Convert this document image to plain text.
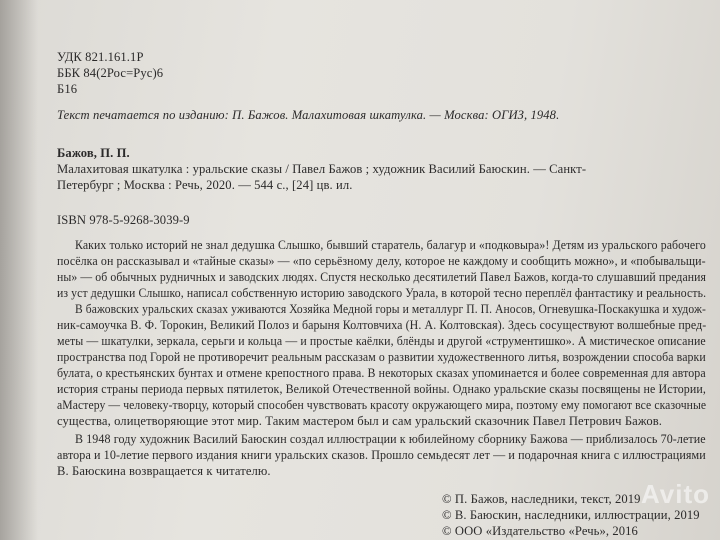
УДК 821.161.1Р
ББК 84(2Рос=Рус)6
Б16
Текст печатается по изданию: П. Бажов. Малахитовая шкатулка. — Москва: ОГИЗ, 1948.
Бажов, П. П.
Малахитовая шкатулка : уральские сказы / Павел Бажов ; художник Василий Баюскин. — Санкт-
Петербург ; Москва : Речь, 2020. — 544 с., [24] цв. ил.
ISBN 978-5-9268-3039-9
Каких только историй не знал дедушка Слышко, бывший старатель, балагур и «подковыра»! Детям из уральского рабочего
посёлка он рассказывал и «тайные сказы» — «по серьёзному делу, которое не каждому и сообщить можно», и «побывальщи-
ны» — об обычных рудничных и заводских людях. Спустя несколько десятилетий Павел Бажов, когда-то слушавший предания
из уст дедушки Слышко, написал собственную историю заводского Урала, в которой тесно переплёл фантастику и реальность.
В бажовских уральских сказах уживаются Хозяйка Медной горы и металлург П. П. Аносов, Огневушка-Поскакушка и худож-
ник-самоучка В. Ф. Торокин, Великий Полоз и барыня Колтовчиха (Н. А. Колтовская). Здесь сосуществуют волшебные пред-
меты — шкатулки, зеркала, серьги и кольца — и простые каёлки, блёнды и другой «струментишко». А мистическое описание
пространства под Горой не противоречит реальным рассказам о развитии художественного литья, возрождении способа варки
булата, о крестьянских бунтах и отмене крепостного права. В некоторых сказах упоминается и более современная для автора
история страны периода первых пятилеток, Великой Отечественной войны. Однако уральские сказы посвящены не Истории,
аМастеру — человеку-творцу, который способен чувствовать красоту окружающего мира, поэтому ему помогают все сказочные
существа, олицетворяющие этот мир. Таким мастером был и сам уральский сказочник Павел Петрович Бажов.
В 1948 году художник Василий Баюскин создал иллюстрации к юбилейному сборнику Бажова — приблизалось 70-летие
автора и 10-летие первого издания книги уральских сказов. Прошло семьдесят лет — и подарочная книга с иллюстрациями
В. Баюскина возвращается к читателю.
© П. Бажов, наследники, текст, 2019
© В. Баюскин, наследники, иллюстрации, 2019
© ООО «Издательство «Речь», 2016
Avito
